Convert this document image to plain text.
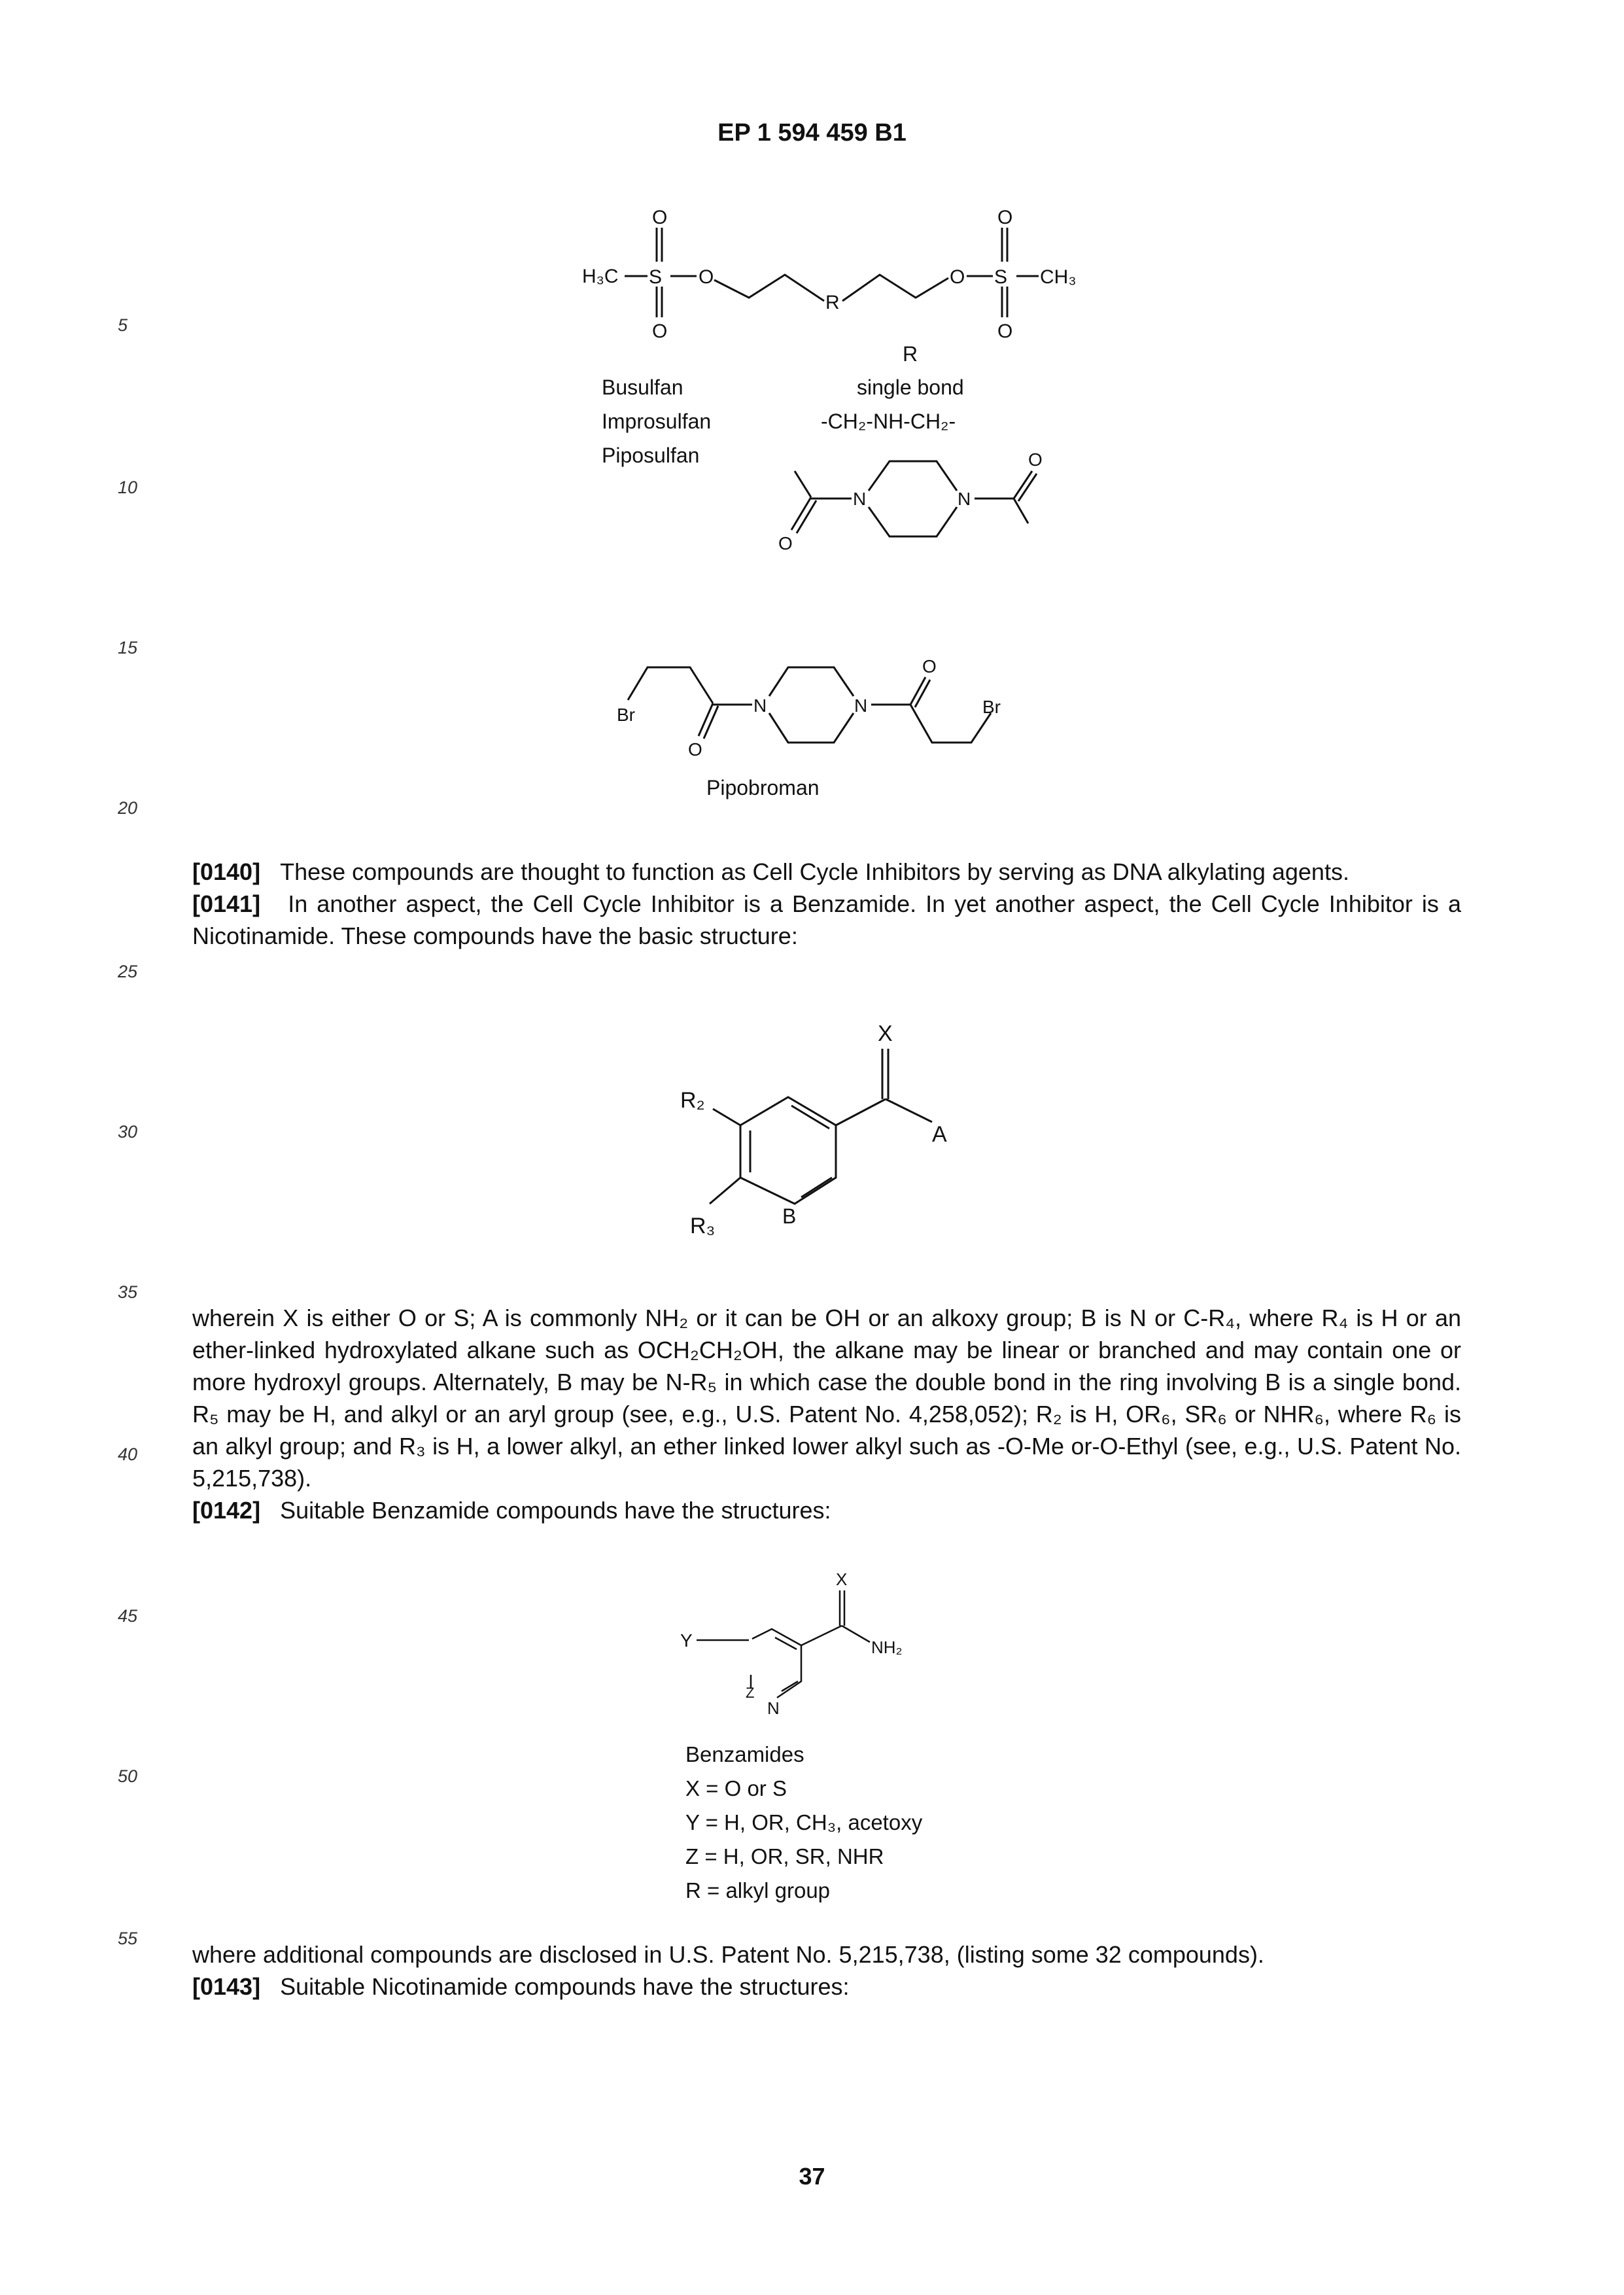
EP 1 594 459 B1
5
10
15
20
25
30
35
40
45
50
55
H₃C S
O
O
O
R
O S
O
O
CH₃
R
Busulfan	single bond
Improsulfan	-CH₂-NH-CH₂-
Piposulfan
O
N	N
O
Br
O
N	N
O
Br
Pipobroman
[0140] These compounds are thought to function as Cell Cycle Inhibitors by serving as DNA alkylating agents.
[0141] In another aspect, the Cell Cycle Inhibitor is a Benzamide. In yet another aspect, the Cell Cycle Inhibitor is a Nicotinamide. These compounds have the basic structure:
X
A
B
R₂
R₃
wherein X is either O or S; A is commonly NH₂ or it can be OH or an alkoxy group; B is N or C-R₄, where R₄ is H or an ether-linked hydroxylated alkane such as OCH₂CH₂OH, the alkane may be linear or branched and may contain one or more hydroxyl groups. Alternately, B may be N-R₅ in which case the double bond in the ring involving B is a single bond. R₅ may be H, and alkyl or an aryl group (see, e.g., U.S. Patent No. 4,258,052); R₂ is H, OR₆, SR₆ or NHR₆, where R₆ is an alkyl group; and R₃ is H, a lower alkyl, an ether linked lower alkyl such as -O-Me or-O-Ethyl (see, e.g., U.S. Patent No. 5,215,738).
[0142] Suitable Benzamide compounds have the structures:
X
NH₂
Y
N
Z
Benzamides
X = O or S
Y = H, OR, CH₃, acetoxy
Z = H, OR, SR, NHR
R = alkyl group
where additional compounds are disclosed in U.S. Patent No. 5,215,738, (listing some 32 compounds).
[0143] Suitable Nicotinamide compounds have the structures:
37
